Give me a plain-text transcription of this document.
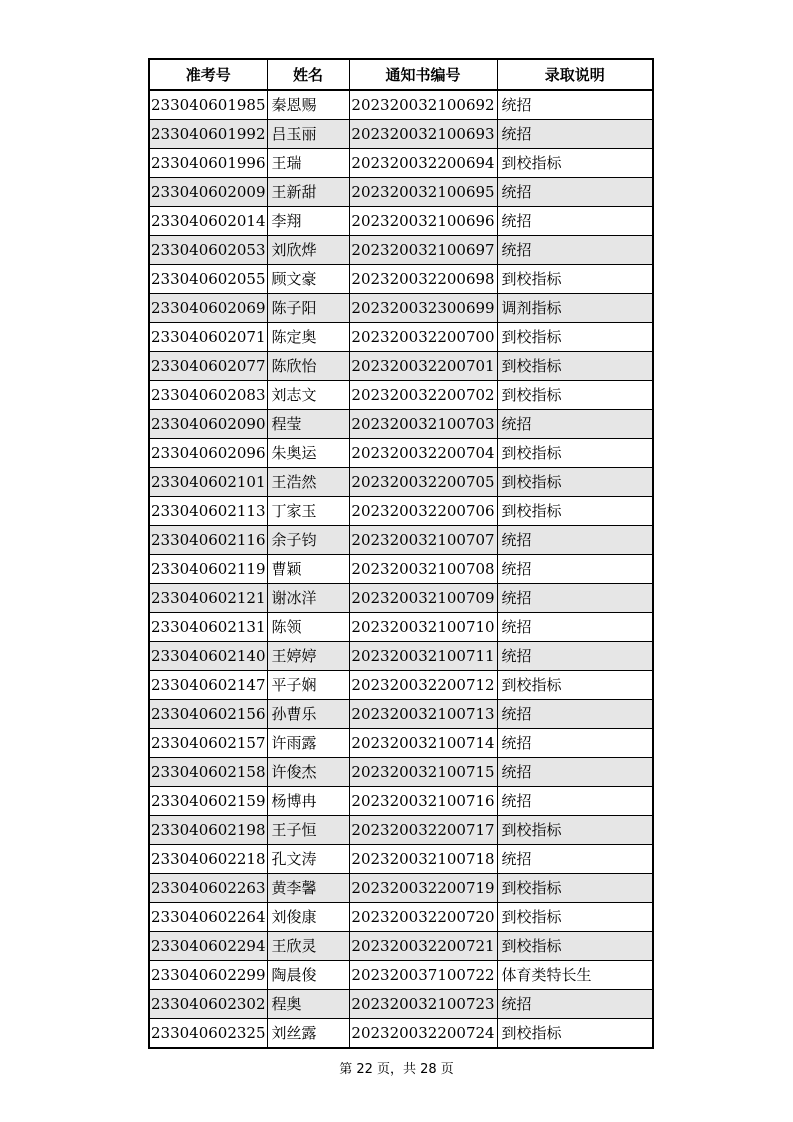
准考号	姓名	通知书编号	录取说明
233040601985	秦恩赐	202320032100692	统招
233040601992	吕玉丽	202320032100693	统招
233040601996	王瑞	202320032200694	到校指标
233040602009	王新甜	202320032100695	统招
233040602014	李翔	202320032100696	统招
233040602053	刘欣烨	202320032100697	统招
233040602055	顾文豪	202320032200698	到校指标
233040602069	陈子阳	202320032300699	调剂指标
233040602071	陈定奥	202320032200700	到校指标
233040602077	陈欣怡	202320032200701	到校指标
233040602083	刘志文	202320032200702	到校指标
233040602090	程莹	202320032100703	统招
233040602096	朱奥运	202320032200704	到校指标
233040602101	王浩然	202320032200705	到校指标
233040602113	丁家玉	202320032200706	到校指标
233040602116	余子钧	202320032100707	统招
233040602119	曹颖	202320032100708	统招
233040602121	谢冰洋	202320032100709	统招
233040602131	陈领	202320032100710	统招
233040602140	王婷婷	202320032100711	统招
233040602147	平子娴	202320032200712	到校指标
233040602156	孙曹乐	202320032100713	统招
233040602157	许雨露	202320032100714	统招
233040602158	许俊杰	202320032100715	统招
233040602159	杨博冉	202320032100716	统招
233040602198	王子恒	202320032200717	到校指标
233040602218	孔文涛	202320032100718	统招
233040602263	黄李馨	202320032200719	到校指标
233040602264	刘俊康	202320032200720	到校指标
233040602294	王欣灵	202320032200721	到校指标
233040602299	陶晨俊	202320037100722	体育类特长生
233040602302	程奥	202320032100723	统招
233040602325	刘丝露	202320032200724	到校指标
第 22 页，共 28 页
